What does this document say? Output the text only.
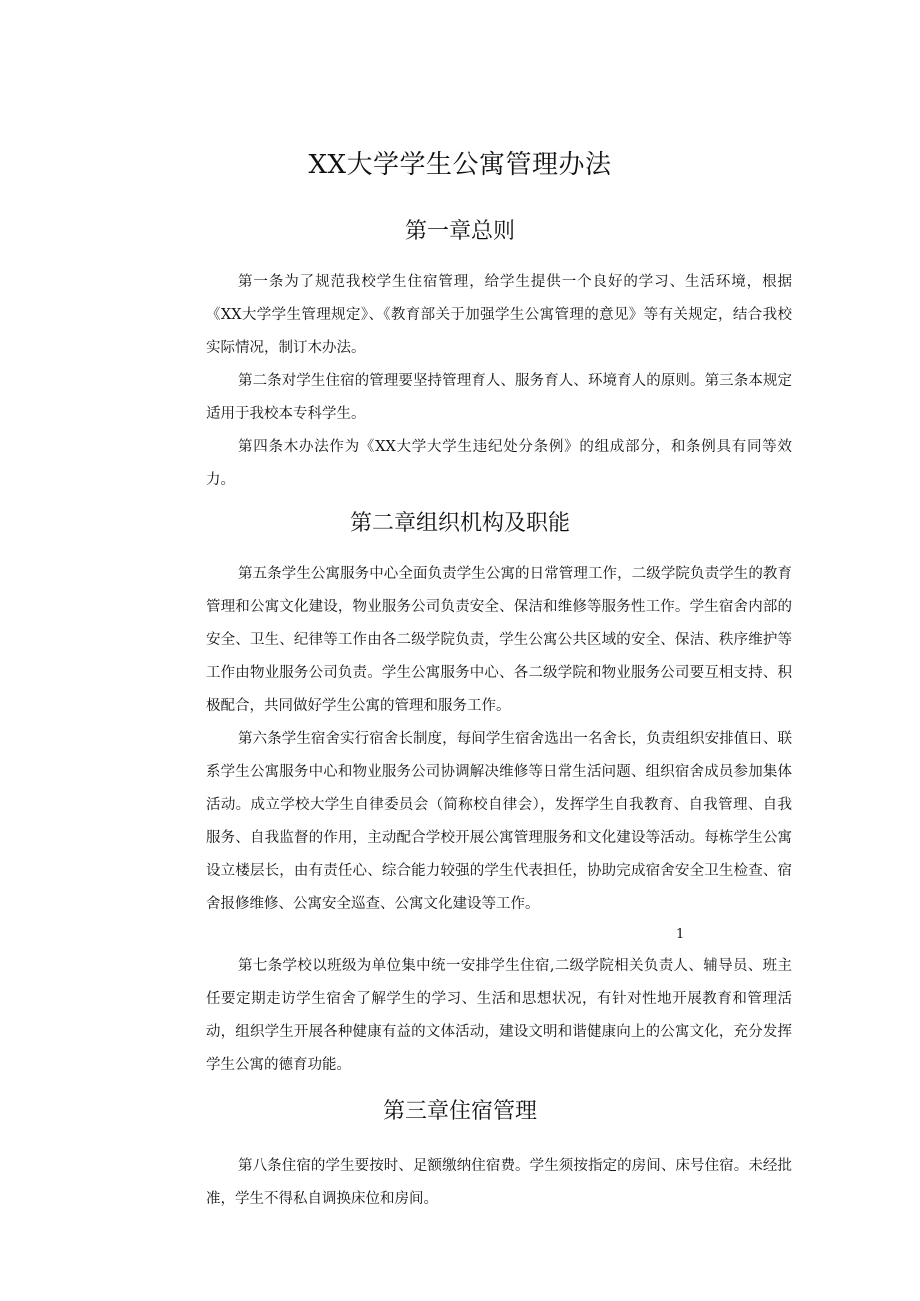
XX大学学生公寓管理办法
第一章总则

第一条为了规范我校学生住宿管理，给学生提供一个良好的学习、生活环境，根据《XX大学学生管理规定》、《教育部关于加强学生公寓管理的意见》等有关规定，结合我校实际情况，制订木办法。

第二条对学生住宿的管理要坚持管理育人、服务育人、环境育人的原则。第三条本规定适用于我校本专科学生。

第四条木办法作为《XX大学大学生违纪处分条例》的组成部分，和条例具有同等效力。

第二章组织机构及职能

第五条学生公寓服务中心全面负责学生公寓的日常管理工作，二级学院负责学生的教育管理和公寓文化建设，物业服务公司负责安全、保洁和维修等服务性工作。学生宿舍内部的安全、卫生、纪律等工作由各二级学院负责，学生公寓公共区域的安全、保洁、秩序维护等工作由物业服务公司负责。学生公寓服务中心、各二级学院和物业服务公司要互相支持、积极配合，共同做好学生公寓的管理和服务工作。

第六条学生宿舍实行宿舍长制度，每间学生宿舍选出一名舍长，负责组织安排值日、联系学生公寓服务中心和物业服务公司协调解决维修等日常生活问题、组织宿舍成员参加集体活动。成立学校大学生自律委员会（简称校自律会），发挥学生自我教育、自我管理、自我服务、自我监督的作用，主动配合学校开展公寓管理服务和文化建设等活动。每栋学生公寓设立楼层长，由有责任心、综合能力较强的学生代表担任，协助完成宿舍安全卫生检查、宿舍报修维修、公寓安全巡查、公寓文化建设等工作。

1

第七条学校以班级为单位集中统一安排学生住宿,二级学院相关负责人、辅导员、班主任要定期走访学生宿舍了解学生的学习、生活和思想状况，有针对性地开展教育和管理活动，组织学生开展各种健康有益的文体活动，建设文明和谐健康向上的公寓文化，充分发挥学生公寓的德育功能。

第三章住宿管理

第八条住宿的学生要按时、足额缴纳住宿费。学生须按指定的房间、床号住宿。未经批准，学生不得私自调换床位和房间。
